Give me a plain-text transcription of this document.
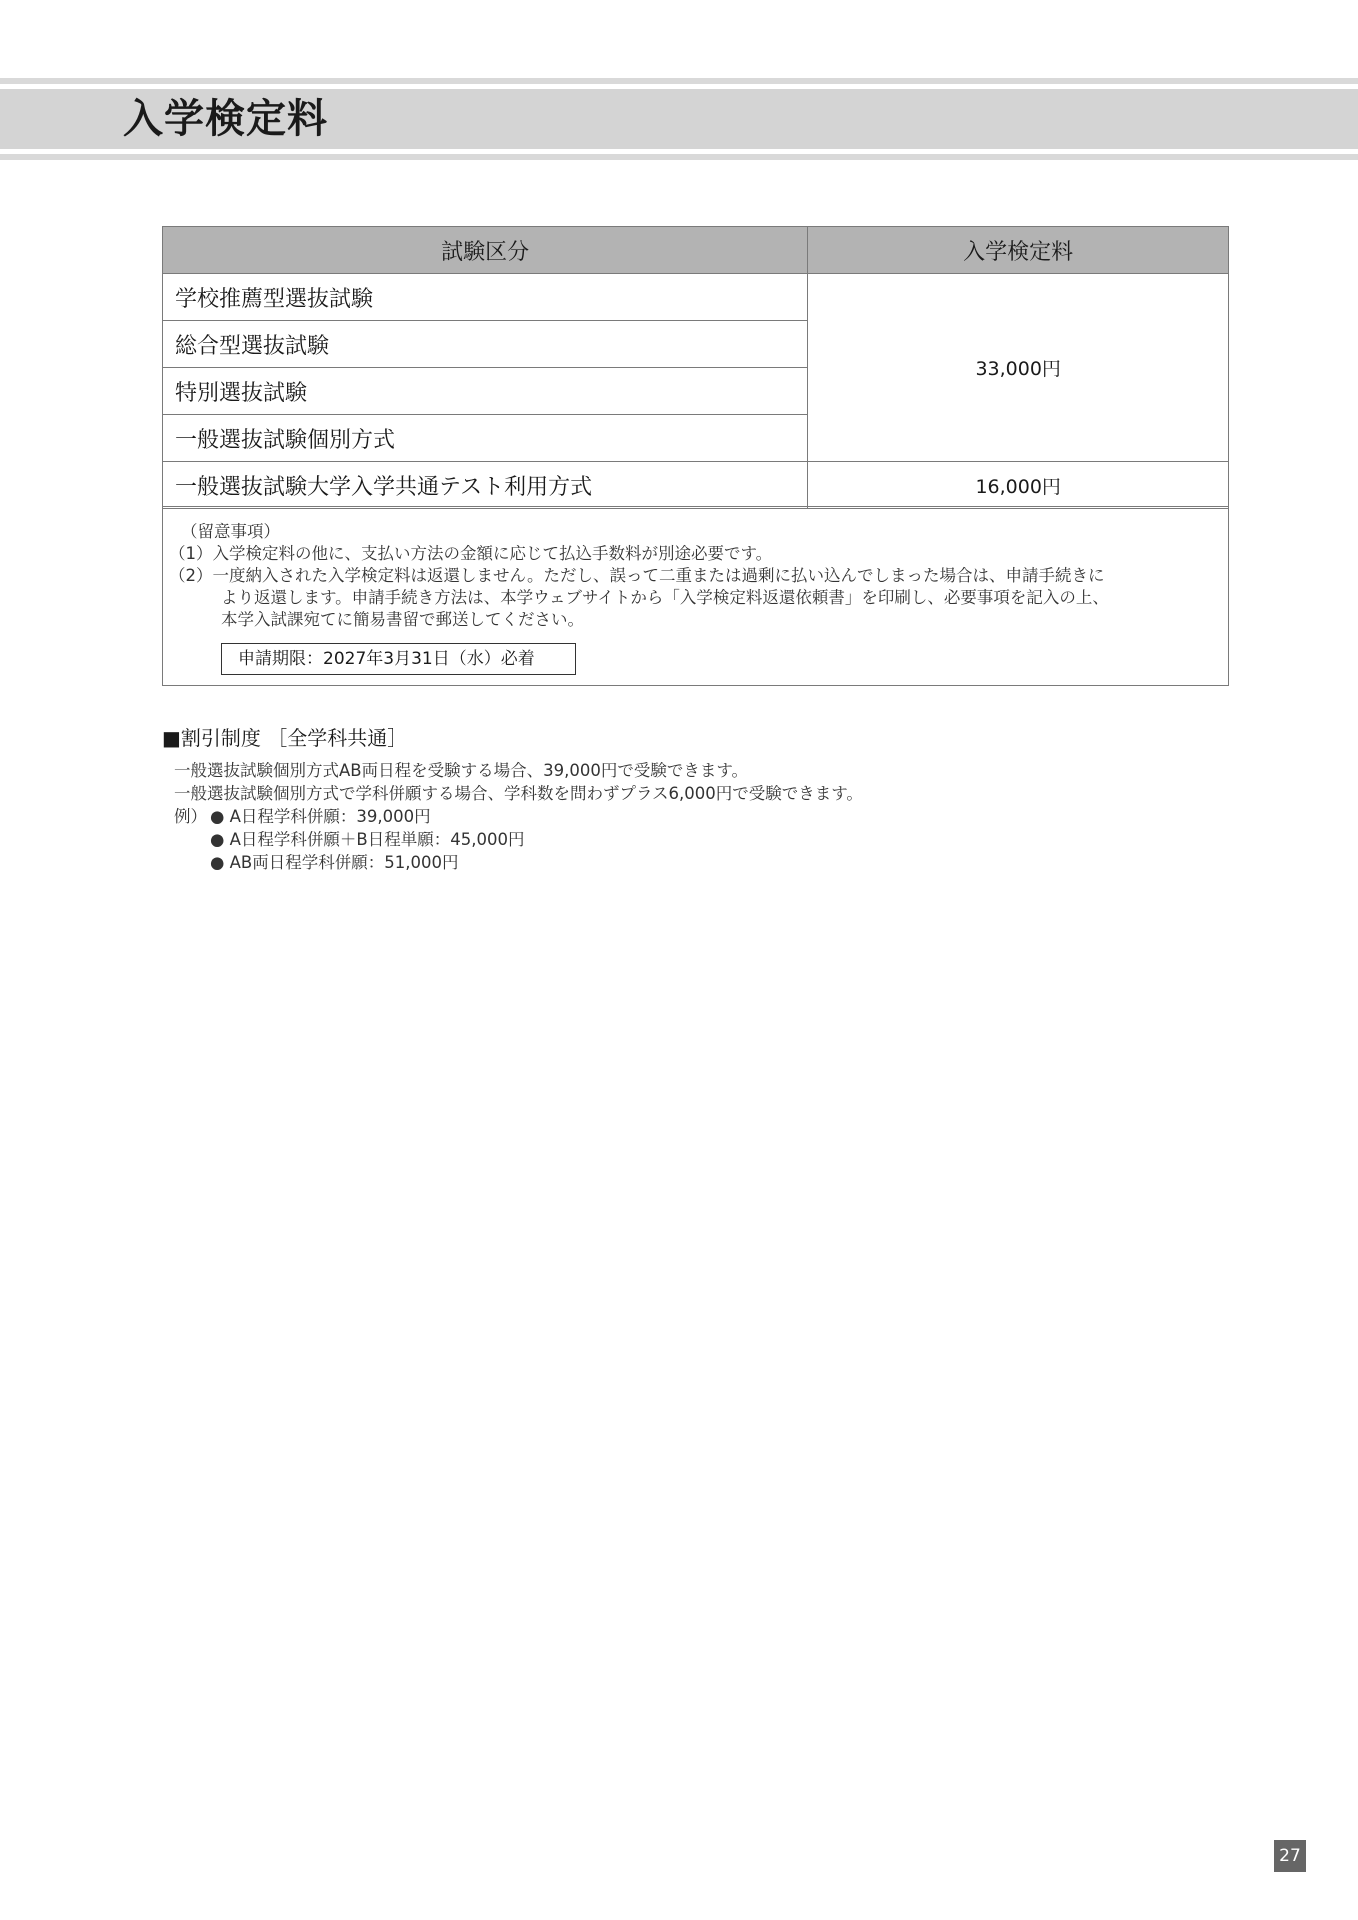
入学検定料
試験区分	入学検定料
学校推薦型選抜試験	33,000円
総合型選抜試験	
特別選抜試験	
一般選抜試験個別方式	
一般選抜試験大学入学共通テスト利用方式	16,000円
（留意事項）
（1）入学検定料の他に、支払い方法の金額に応じて払込手数料が別途必要です。
（2）一度納入された入学検定料は返還しません。ただし、誤って二重または過剰に払い込んでしまった場合は、申請手続きに
より返還します。申請手続き方法は、本学ウェブサイトから「入学検定料返還依頼書」を印刷し、必要事項を記入の上、
本学入試課宛てに簡易書留で郵送してください。
申請期限：2027年3月31日（水）必着
■割引制度 ［全学科共通］
一般選抜試験個別方式AB両日程を受験する場合、39,000円で受験できます。
一般選抜試験個別方式で学科併願する場合、学科数を問わずプラス6,000円で受験できます。
例） ● A日程学科併願：39,000円
● A日程学科併願＋B日程単願：45,000円
● AB両日程学科併願：51,000円
27
